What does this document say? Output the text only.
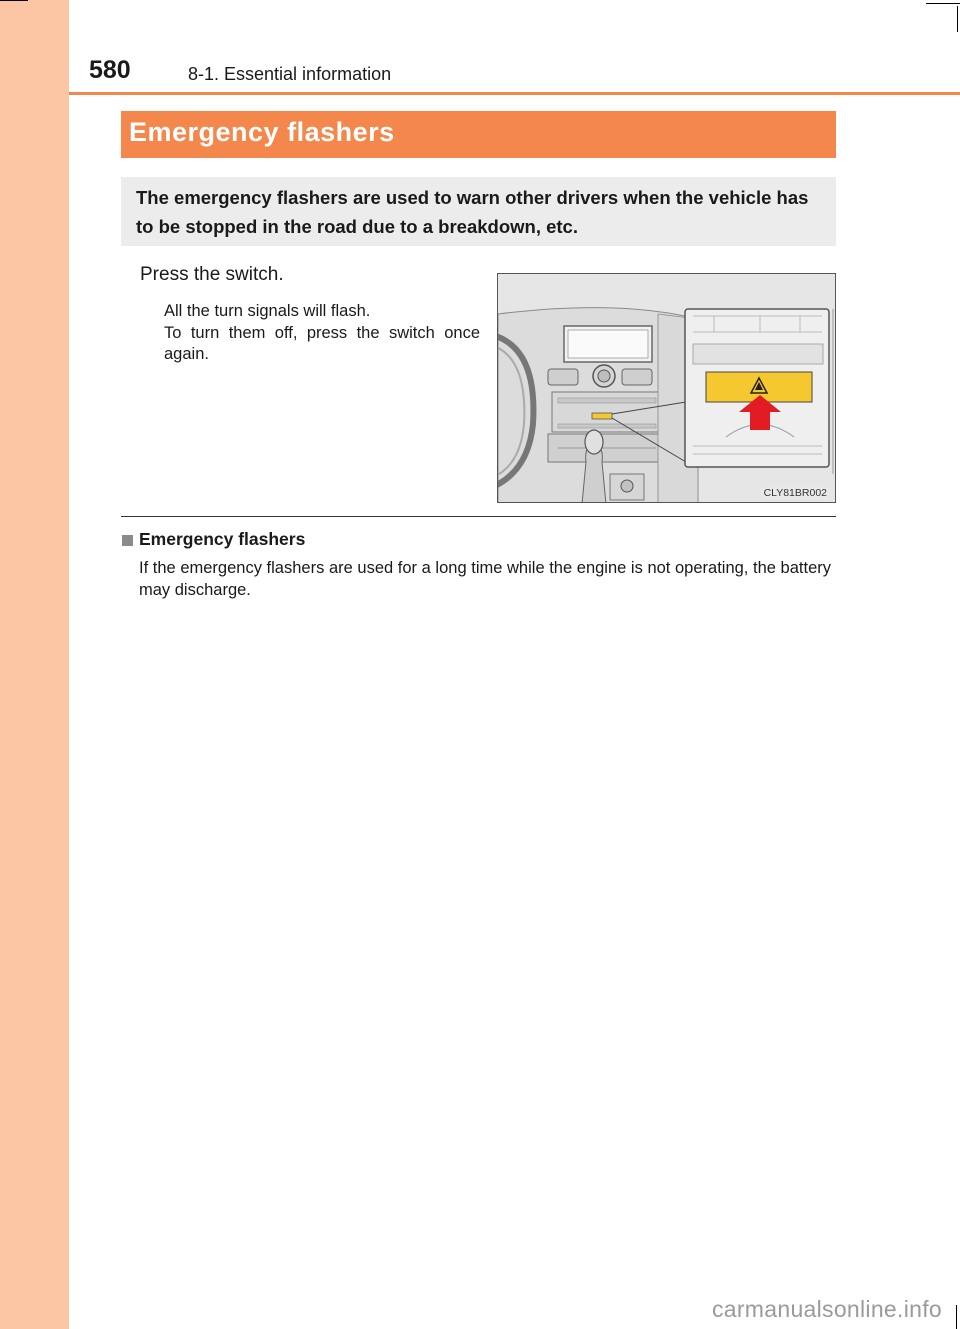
580	8-1. Essential information
Emergency flashers
The emergency flashers are used to warn other drivers when the vehicle has to be stopped in the road due to a breakdown, etc.
Press the switch.
All the turn signals will flash.
To turn them off, press the switch once again.
CLY81BR002
Emergency flashers
If the emergency flashers are used for a long time while the engine is not operating, the battery may discharge.
carmanualsonline.info
